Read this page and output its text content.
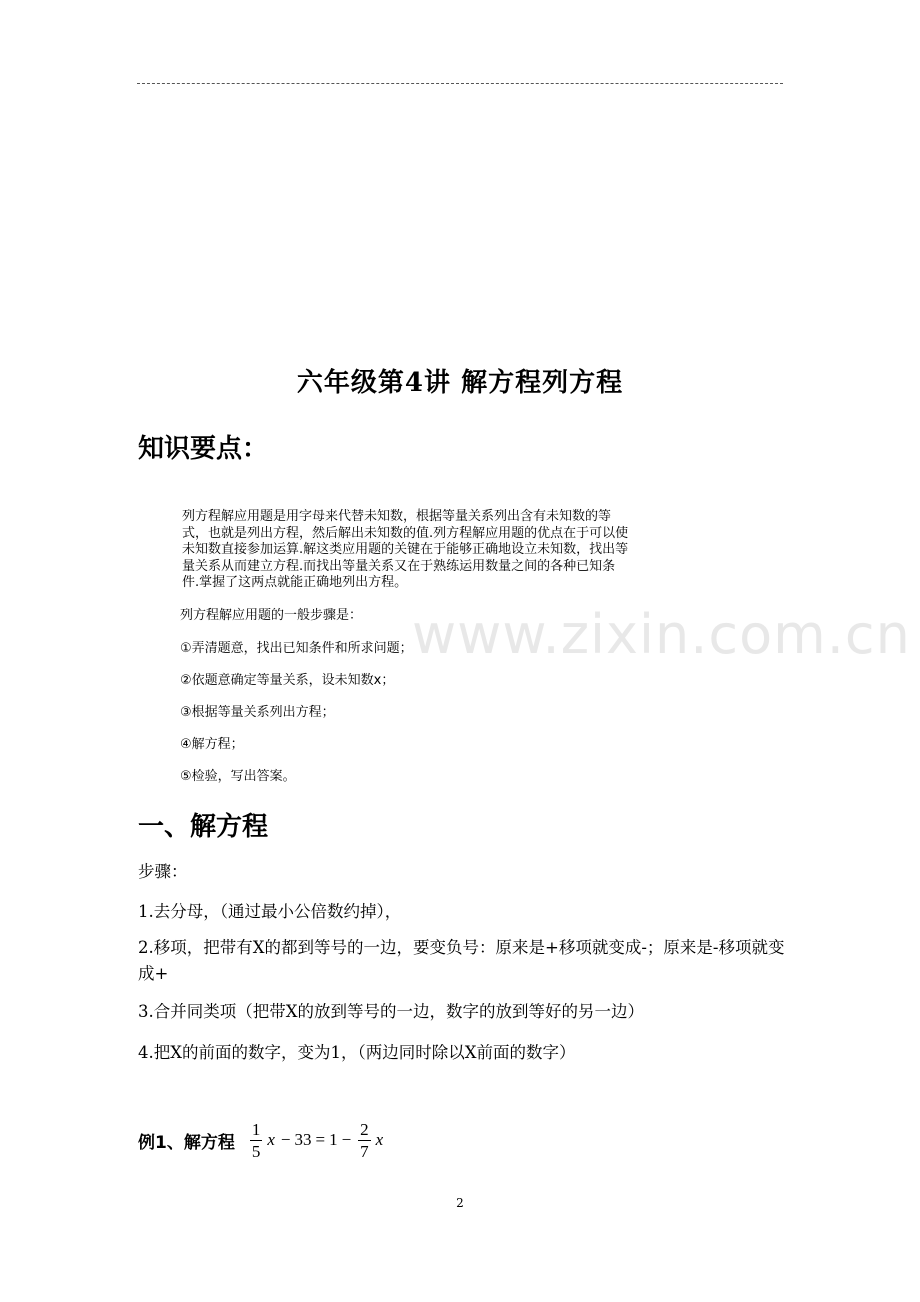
www.zixin.com.cn
六年级第4讲 解方程列方程
知识要点：
列方程解应用题是用字母来代替未知数，根据等量关系列出含有未知数的等式，也就是列出方程，然后解出未知数的值.列方程解应用题的优点在于可以使未知数直接参加运算.解这类应用题的关键在于能够正确地设立未知数，找出等量关系从而建立方程.而找出等量关系又在于熟练运用数量之间的各种已知条件.掌握了这两点就能正确地列出方程。
列方程解应用题的一般步骤是：
①弄清题意，找出已知条件和所求问题；
②依题意确定等量关系，设未知数x；
③根据等量关系列出方程；
④解方程；
⑤检验，写出答案。
一、解方程
步骤：
1.去分母，（通过最小公倍数约掉），
2.移项，把带有X的都到等号的一边，要变负号：原来是+移项就变成-；原来是-移项就变成+
3.合并同类项（把带X的放到等号的一边，数字的放到等好的另一边）
4.把X的前面的数字，变为1，（两边同时除以X前面的数字）
例1、解方程 $\frac{1}{5}$ $x - 33 = 1 - \frac{2}{7}$ x
2
